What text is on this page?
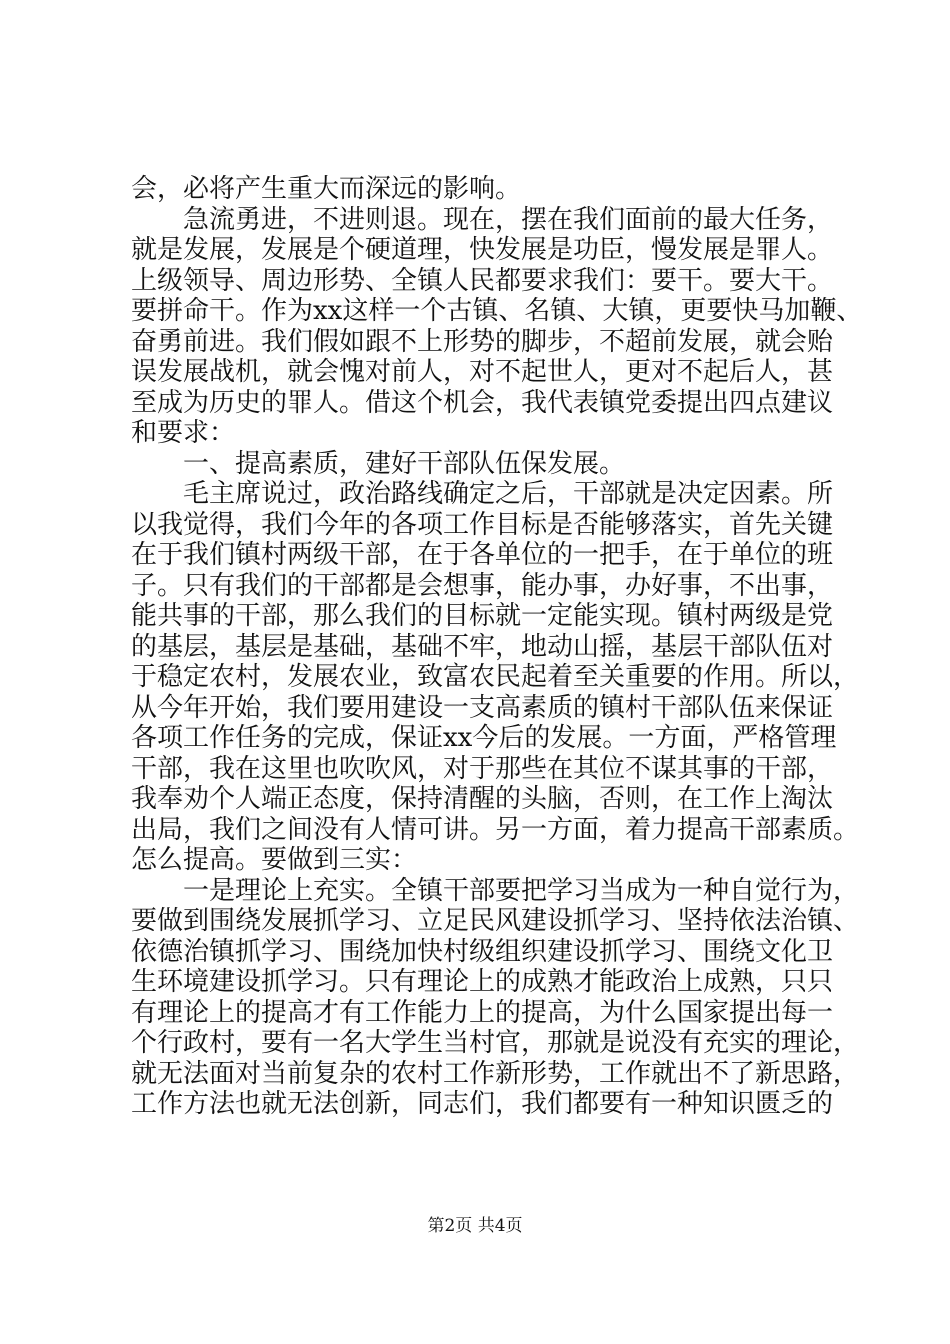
会，必将产生重大而深远的影响。
急流勇进，不进则退。现在，摆在我们面前的最大任务，
就是发展，发展是个硬道理，快发展是功臣，慢发展是罪人。
上级领导、周边形势、全镇人民都要求我们：要干。要大干。
要拼命干。作为xx这样一个古镇、名镇、大镇，更要快马加鞭、
奋勇前进。我们假如跟不上形势的脚步，不超前发展，就会贻
误发展战机，就会愧对前人，对不起世人，更对不起后人，甚
至成为历史的罪人。借这个机会，我代表镇党委提出四点建议
和要求：
一、提高素质，建好干部队伍保发展。
毛主席说过，政治路线确定之后，干部就是决定因素。所
以我觉得，我们今年的各项工作目标是否能够落实，首先关键
在于我们镇村两级干部，在于各单位的一把手，在于单位的班
子。只有我们的干部都是会想事，能办事，办好事，不出事，
能共事的干部，那么我们的目标就一定能实现。镇村两级是党
的基层，基层是基础，基础不牢，地动山摇，基层干部队伍对
于稳定农村，发展农业，致富农民起着至关重要的作用。所以，
从今年开始，我们要用建设一支高素质的镇村干部队伍来保证
各项工作任务的完成，保证xx今后的发展。一方面，严格管理
干部，我在这里也吹吹风，对于那些在其位不谋其事的干部，
我奉劝个人端正态度，保持清醒的头脑，否则，在工作上淘汰
出局，我们之间没有人情可讲。另一方面，着力提高干部素质。
怎么提高。要做到三实：
一是理论上充实。全镇干部要把学习当成为一种自觉行为，
要做到围绕发展抓学习、立足民风建设抓学习、坚持依法治镇、
依德治镇抓学习、围绕加快村级组织建设抓学习、围绕文化卫
生环境建设抓学习。只有理论上的成熟才能政治上成熟，只只
有理论上的提高才有工作能力上的提高，为什么国家提出每一
个行政村，要有一名大学生当村官，那就是说没有充实的理论，
就无法面对当前复杂的农村工作新形势，工作就出不了新思路，
工作方法也就无法创新，同志们，我们都要有一种知识匮乏的
第2页 共4页
